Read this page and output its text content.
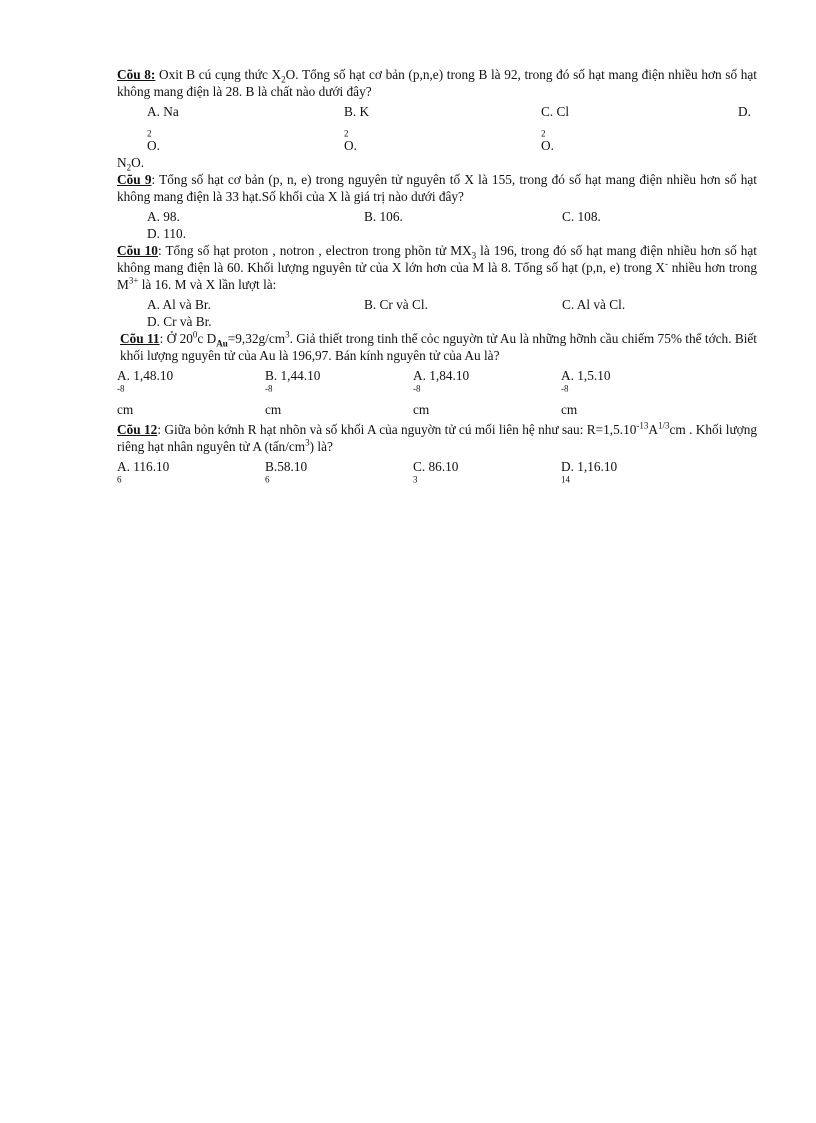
Cõu 8: Oxit B cú cụng thức $X_2O$. Tổng số hạt cơ bản (p,n,e) trong B là 92, trong đó số hạt mang điện nhiều hơn số hạt không mang điện là 28. B là chất nào dưới đây?

A. $Na_2O$.
B. $K_2O$.
C. $Cl_2O$.
D.

$N_2O$.

Cõu 9: Tổng số hạt cơ bản (p, n, e) trong nguyên tử nguyên tố X là 155, trong đó số hạt mang điện nhiều hơn số hạt không mang điện là 33 hạt.Số khối của X là giá trị nào dưới đây?

A. 98.	B. 106.	C. 108.

D. 110.

Cõu 10: Tổng số hạt proton , notron , electron trong phõn tử $MX_3$ là 196, trong đó số hạt mang điện nhiều hơn số hạt không mang điện là 60. Khối lượng nguyên tử của X lớn hơn của M là 8. Tổng số hạt (p,n, e) trong X- nhiều hơn trong $M^{3+}$ là 16. M và X lần lượt là:

A. Al và Br.	B. Cr và Cl.	C. Al và Cl.

D. Cr và Br.

Cõu 11: Ở $20^0c$ $D_{Au}=9,32g/cm^3$. Giả thiết trong tinh thể cỏc nguyờn tử Au là những hỡnh cầu chiếm 75% thể tớch. Biết khối lượng nguyên tử của Au là 196,97. Bán kính nguyên tử của Au là?

A. $1,48.10^{-8}cm$
B. $1,44.10^{-8}cm$
A. $1,84.10^{-8}cm$
A. $1,5.10^{-8}cm$

Cõu 12: Giữa bỏn kớnh R hạt nhõn và số khối A của nguyờn tử cú mối liên hệ như sau: $R=1,5.10^{-13}A^{1/3}cm$ . Khối lượng riêng hạt nhân nguyên tử A $(tấn/cm^3)$ là?

A. 116.10$^6$
B.58.10$^6$
C. 86.10$^3$
D. 1,16.10$^{14}$
